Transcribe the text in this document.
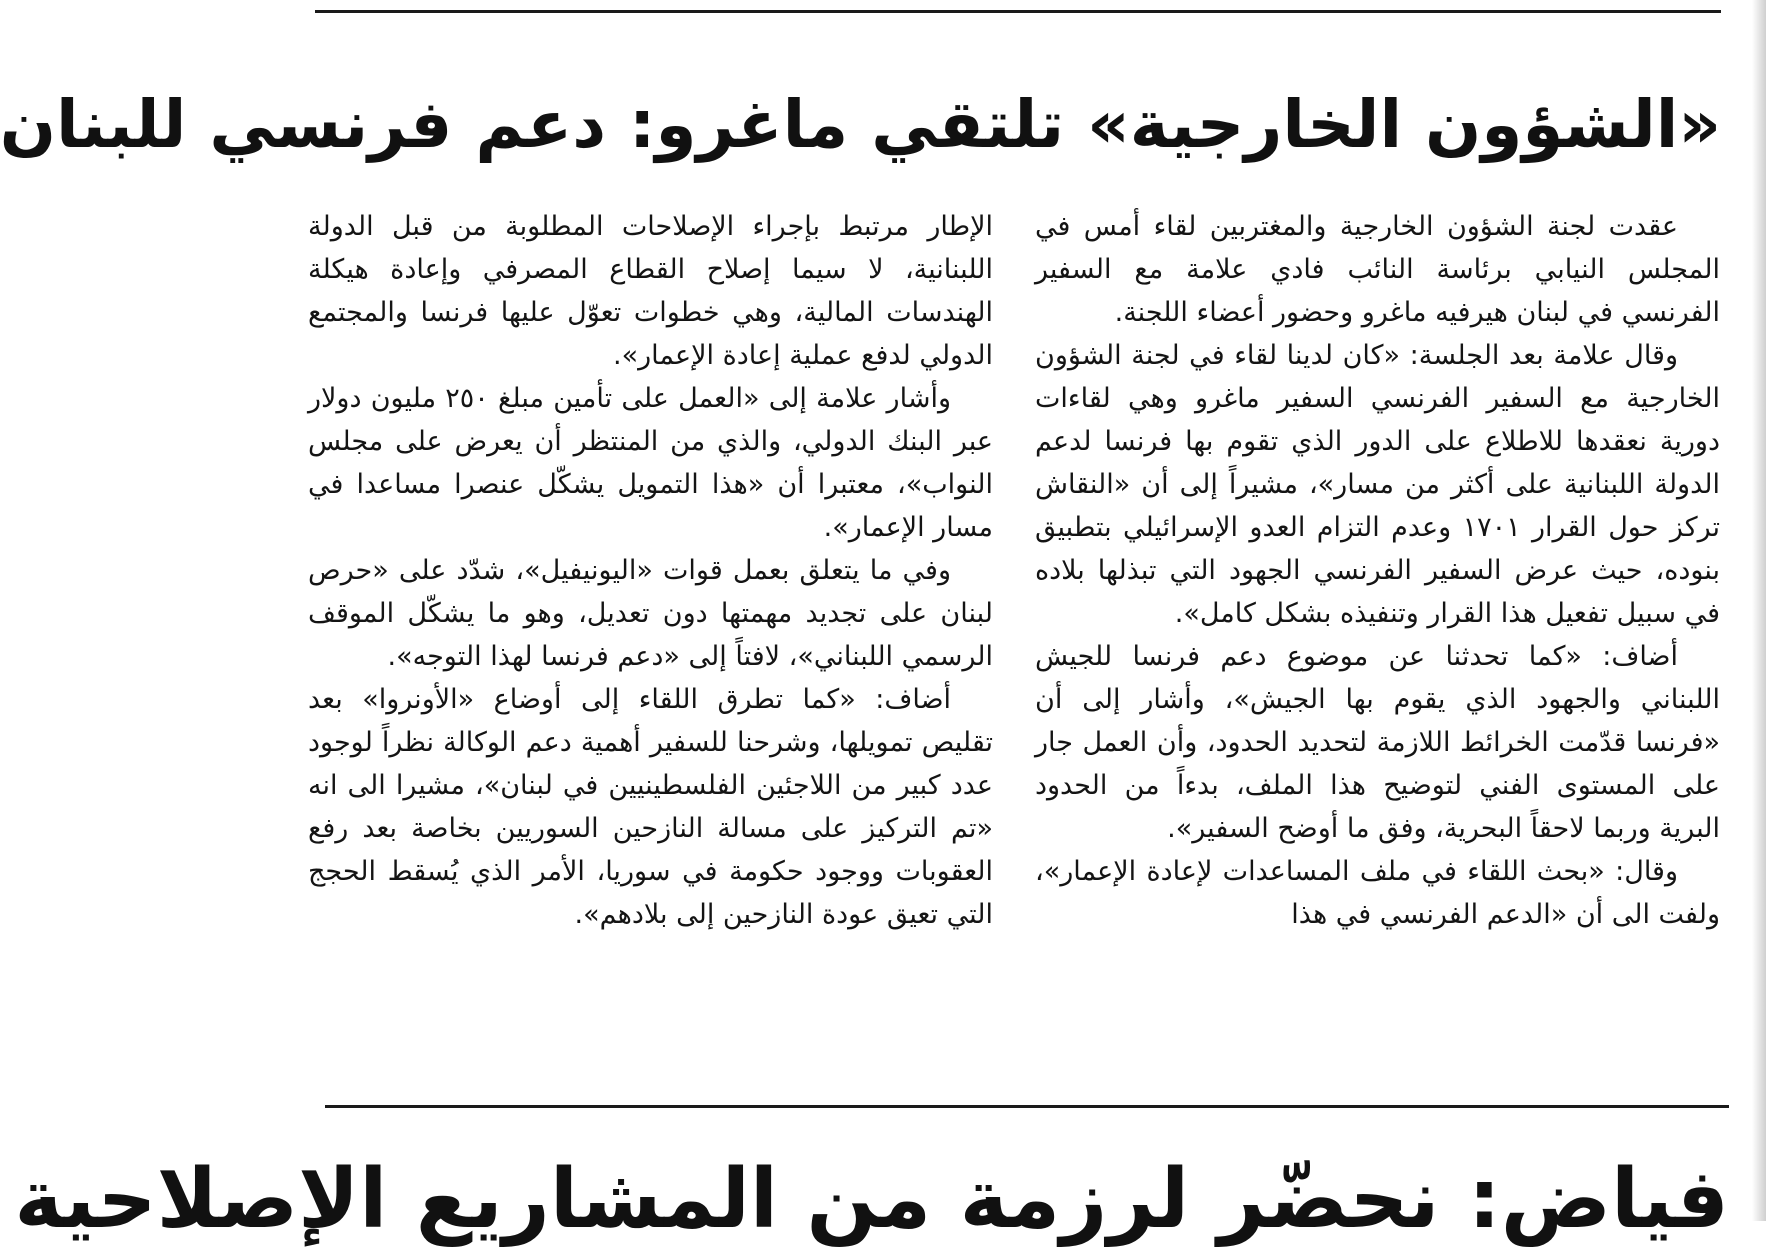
«الشؤون الخارجية» تلتقي ماغرو: دعم فرنسي للبنان

عقدت لجنة الشؤون الخارجية والمغتربين لقاء أمس في المجلس النيابي برئاسة النائب فادي علامة مع السفير الفرنسي في لبنان هيرفيه ماغرو وحضور أعضاء اللجنة.

وقال علامة بعد الجلسة: «كان لدينا لقاء في لجنة الشؤون الخارجية مع السفير الفرنسي السفير ماغرو وهي لقاءات دورية نعقدها للاطلاع على الدور الذي تقوم بها فرنسا لدعم الدولة اللبنانية على أكثر من مسار»، مشيراً إلى أن «النقاش تركز حول القرار ١٧٠١ وعدم التزام العدو الإسرائيلي بتطبيق بنوده، حيث عرض السفير الفرنسي الجهود التي تبذلها بلاده في سبيل تفعيل هذا القرار وتنفيذه بشكل كامل».

أضاف: «كما تحدثنا عن موضوع دعم فرنسا للجيش اللبناني والجهود الذي يقوم بها الجيش»، وأشار إلى أن «فرنسا قدّمت الخرائط اللازمة لتحديد الحدود، وأن العمل جار على المستوى الفني لتوضيح هذا الملف، بدءاً من الحدود البرية وربما لاحقاً البحرية، وفق ما أوضح السفير».

وقال: «بحث اللقاء في ملف المساعدات لإعادة الإعمار»، ولفت الى أن «الدعم الفرنسي في هذا

الإطار مرتبط بإجراء الإصلاحات المطلوبة من قبل الدولة اللبنانية، لا سيما إصلاح القطاع المصرفي وإعادة هيكلة الهندسات المالية، وهي خطوات تعوّل عليها فرنسا والمجتمع الدولي لدفع عملية إعادة الإعمار».

وأشار علامة إلى «العمل على تأمين مبلغ ٢٥٠ مليون دولار عبر البنك الدولي، والذي من المنتظر أن يعرض على مجلس النواب»، معتبرا أن «هذا التمويل يشكّل عنصرا مساعدا في مسار الإعمار».

وفي ما يتعلق بعمل قوات «اليونيفيل»، شدّد على «حرص لبنان على تجديد مهمتها دون تعديل، وهو ما يشكّل الموقف الرسمي اللبناني»، لافتاً إلى «دعم فرنسا لهذا التوجه».

أضاف: «كما تطرق اللقاء إلى أوضاع «الأونروا» بعد تقليص تمويلها، وشرحنا للسفير أهمية دعم الوكالة نظراً لوجود عدد كبير من اللاجئين الفلسطينيين في لبنان»، مشيرا الى انه «تم التركيز على مسالة النازحين السوريين بخاصة بعد رفع العقوبات ووجود حكومة في سوريا، الأمر الذي يُسقط الحجج التي تعيق عودة النازحين إلى بلادهم».

فياض: نحضّر لرزمة من المشاريع الإصلاحية
